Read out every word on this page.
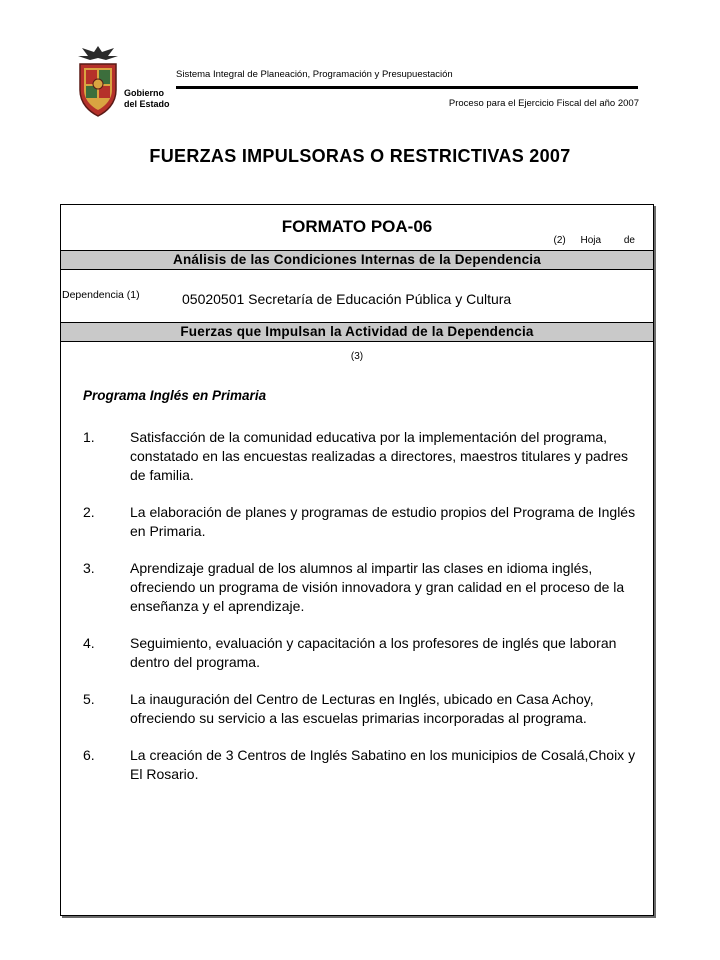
Gobierno
del Estado
Sistema Integral de Planeación, Programación y Presupuestación
Proceso para el Ejercicio Fiscal del año 2007
FUERZAS IMPULSORAS O RESTRICTIVAS 2007
FORMATO POA-06
(2) Hoja de
Análisis de las Condiciones Internas de la Dependencia
Dependencia (1)	05020501 Secretaría de Educación Pública y Cultura
Fuerzas que Impulsan la Actividad de la Dependencia
(3)
Programa Inglés en Primaria
1.	Satisfacción de la comunidad educativa por la implementación del programa, constatado en las encuestas realizadas a directores, maestros titulares y padres de familia.
2.	La elaboración de planes y programas de estudio propios del Programa de Inglés en Primaria.
3.	Aprendizaje gradual de los alumnos al impartir las clases en idioma inglés, ofreciendo un programa de visión innovadora y gran calidad en el proceso de la enseñanza y el aprendizaje.
4.	Seguimiento, evaluación y capacitación a los profesores de inglés que laboran dentro del programa.
5.	La inauguración del Centro de Lecturas en Inglés, ubicado en Casa Achoy, ofreciendo su servicio a las escuelas primarias incorporadas al programa.
6.	La creación de 3 Centros de Inglés Sabatino en los municipios de Cosalá,Choix y El Rosario.
